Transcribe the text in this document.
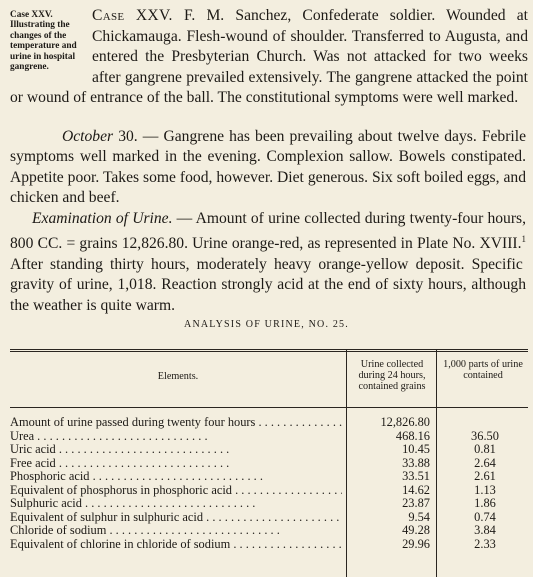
Case XXV. Illustrating the changes of the temperature and urine in hospital gangrene.
Case XXV. F. M. Sanchez, Confederate soldier. Wounded at Chickamauga. Flesh-wound of shoulder. Transferred to Augusta, and entered the Presbyterian Church. Was not attacked for two weeks after gangrene prevailed extensively. The gangrene attacked the point or wound of entrance of the ball. The constitutional symptoms were well marked.
October 30. — Gangrene has been prevailing about twelve days. Febrile symptoms well marked in the evening. Complexion sallow. Bowels constipated. Appetite poor. Takes some food, however. Diet generous. Six soft boiled eggs, and chicken and beef.
Examination of Urine. — Amount of urine collected during twenty-four hours, 800 CC. = grains 12,826.80. Urine orange-red, as represented in Plate No. XVIII.$^1$ After standing thirty hours, moderately heavy orange-yellow deposit. Specific gravity of urine, 1,018. Reaction strongly acid at the end of sixty hours, although the weather is quite warm.
ANALYSIS OF URINE, NO. 25.
Elements.
Urine collected during 24 hours, contained grains
1,000 parts of urine contained
Amount of urine passed during twenty four hours . .	12,826.80
Urea . .	468.16	36.50
Uric acid . .	10.45	0.81
Free acid . .	33.88	2.64
Phosphoric acid . .	33.51	2.61
Equivalent of phosphorus in phosphoric acid . .	14.62	1.13
Sulphuric acid . .	23.87	1.86
Equivalent of sulphur in sulphuric acid . .	9.54	0.74
Chloride of sodium . .	49.28	3.84
Equivalent of chlorine in chloride of sodium . .	29.96	2.33
